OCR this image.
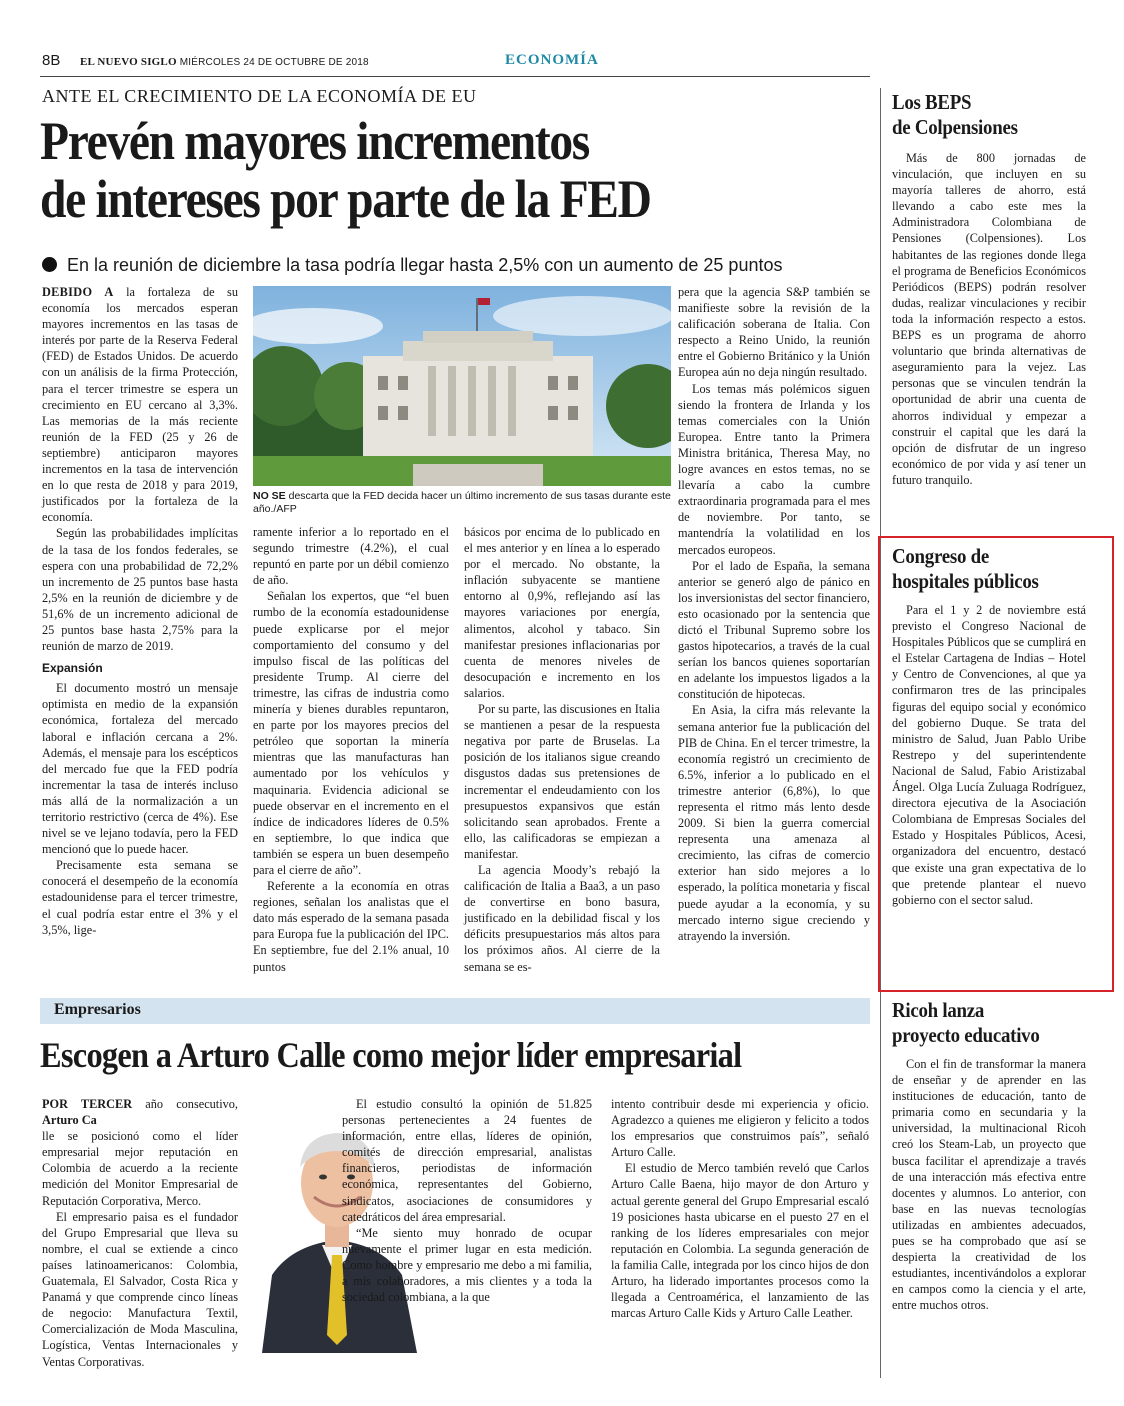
8B EL NUEVO SIGLO MIÉRCOLES 24 DE OCTUBRE DE 2018	ECONOMÍA
ANTE EL CRECIMIENTO DE LA ECONOMÍA DE EU
Prevén mayores incrementos
de intereses por parte de la FED
En la reunión de diciembre la tasa podría llegar hasta 2,5% con un aumento de 25 puntos

DEBIDO A la fortaleza de su economía los mercados esperan mayores incrementos en las tasas de interés por parte de la Reserva Federal (FED) de Estados Unidos. De acuerdo con un análisis de la firma Protección, para el tercer trimestre se espera un crecimiento en EU cercano al 3,3%. Las memorias de la más reciente reunión de la FED (25 y 26 de septiembre) anticiparon mayores incrementos en la tasa de intervención en lo que resta de 2018 y para 2019, justificados por la fortaleza de la economía.

Según las probabilidades implícitas de la tasa de los fondos federales, se espera con una probabilidad de 72,2% un incremento de 25 puntos base hasta 2,5% en la reunión de diciembre y de 51,6% de un incremento adicional de 25 puntos base hasta 2,75% para la reunión de marzo de 2019.

Expansión

El documento mostró un mensaje optimista en medio de la expansión económica, fortaleza del mercado laboral e inflación cercana a 2%. Además, el mensaje para los escépticos del mercado fue que la FED podría incrementar la tasa de interés incluso más allá de la normalización a un territorio restrictivo (cerca de 4%). Ese nivel se ve lejano todavía, pero la FED mencionó que lo puede hacer.

Precisamente esta semana se conocerá el desempeño de la economía estadounidense para el tercer trimestre, el cual podría estar entre el 3% y el 3,5%, lige-

NO SE descarta que la FED decida hacer un último incremento de sus tasas durante este año./AFP

ramente inferior a lo reportado en el segundo trimestre (4.2%), el cual repuntó en parte por un débil comienzo de año.

Señalan los expertos, que “el buen rumbo de la economía estadounidense puede explicarse por el mejor comportamiento del consumo y del impulso fiscal de las políticas del presidente Trump. Al cierre del trimestre, las cifras de industria como minería y bienes durables repuntaron, en parte por los mayores precios del petróleo que soportan la minería mientras que las manufacturas han aumentado por los vehículos y maquinaria. Evidencia adicional se puede observar en el incremento en el índice de indicadores líderes de 0.5% en septiembre, lo que indica que también se espera un buen desempeño para el cierre de año”.

Referente a la economía en otras regiones, señalan los analistas que el dato más esperado de la semana pasada para Europa fue la publicación del IPC. En septiembre, fue del 2.1% anual, 10 puntos

básicos por encima de lo publicado en el mes anterior y en línea a lo esperado por el mercado. No obstante, la inflación subyacente se mantiene entorno al 0,9%, reflejando así las mayores variaciones por energía, alimentos, alcohol y tabaco. Sin manifestar presiones inflacionarias por cuenta de menores niveles de desocupación e incremento en los salarios.

Por su parte, las discusiones en Italia se mantienen a pesar de la respuesta negativa por parte de Bruselas. La posición de los italianos sigue creando disgustos dadas sus pretensiones de incrementar el endeudamiento con los presupuestos expansivos que están solicitando sean aprobados. Frente a ello, las calificadoras se empiezan a manifestar.

La agencia Moody’s rebajó la calificación de Italia a Baa3, a un paso de convertirse en bono basura, justificado en la debilidad fiscal y los déficits presupuestarios más altos para los próximos años. Al cierre de la semana se es-

pera que la agencia S&P también se manifieste sobre la revisión de la calificación soberana de Italia. Con respecto a Reino Unido, la reunión entre el Gobierno Británico y la Unión Europea aún no deja ningún resultado.

Los temas más polémicos siguen siendo la frontera de Irlanda y los temas comerciales con la Unión Europea. Entre tanto la Primera Ministra británica, Theresa May, no logre avances en estos temas, no se llevaría a cabo la cumbre extraordinaria programada para el mes de noviembre. Por tanto, se mantendría la volatilidad en los mercados europeos.

Por el lado de España, la semana anterior se generó algo de pánico en los inversionistas del sector financiero, esto ocasionado por la sentencia que dictó el Tribunal Supremo sobre los gastos hipotecarios, a través de la cual serían los bancos quienes soportarían en adelante los impuestos ligados a la constitución de hipotecas.

En Asia, la cifra más relevante la semana anterior fue la publicación del PIB de China. En el tercer trimestre, la economía registró un crecimiento de 6.5%, inferior a lo publicado en el trimestre anterior (6,8%), lo que representa el ritmo más lento desde 2009. Si bien la guerra comercial representa una amenaza al crecimiento, las cifras de comercio exterior han sido mejores a lo esperado, la política monetaria y fiscal puede ayudar a la economía, y su mercado interno sigue creciendo y atrayendo la inversión.

Los BEPS
de Colpensiones

Más de 800 jornadas de vinculación, que incluyen en su mayoría talleres de ahorro, está llevando a cabo este mes la Administradora Colombiana de Pensiones (Colpensiones). Los habitantes de las regiones donde llega el programa de Beneficios Económicos Periódicos (BEPS) podrán resolver dudas, realizar vinculaciones y recibir toda la información respecto a estos. BEPS es un programa de ahorro voluntario que brinda alternativas de aseguramiento para la vejez. Las personas que se vinculen tendrán la oportunidad de abrir una cuenta de ahorros individual y empezar a construir el capital que les dará la opción de disfrutar de un ingreso económico de por vida y así tener un futuro tranquilo.

Congreso de
hospitales públicos

Para el 1 y 2 de noviembre está previsto el Congreso Nacional de Hospitales Públicos que se cumplirá en el Estelar Cartagena de Indias – Hotel y Centro de Convenciones, al que ya confirmaron tres de las principales figuras del equipo social y económico del gobierno Duque. Se trata del ministro de Salud, Juan Pablo Uribe Restrepo y del superintendente Nacional de Salud, Fabio Aristizabal Ángel. Olga Lucía Zuluaga Rodríguez, directora ejecutiva de la Asociación Colombiana de Empresas Sociales del Estado y Hospitales Públicos, Acesi, organizadora del encuentro, destacó que existe una gran expectativa de lo que pretende plantear el nuevo gobierno con el sector salud.

Ricoh lanza
proyecto educativo

Con el fin de transformar la manera de enseñar y de aprender en las instituciones de educación, tanto de primaria como en secundaria y la universidad, la multinacional Ricoh creó los Steam-Lab, un proyecto que busca facilitar el aprendizaje a través de una interacción más efectiva entre docentes y alumnos. Lo anterior, con base en las nuevas tecnologías utilizadas en ambientes adecuados, pues se ha comprobado que así se despierta la creatividad de los estudiantes, incentivándolos a explorar en campos como la ciencia y el arte, entre muchos otros.

Empresarios
Escogen a Arturo Calle como mejor líder empresarial

POR TERCER año consecutivo, Arturo Ca

lle se posicionó como el líder empresarial mejor reputación en Colombia de acuerdo a la reciente medición del Monitor Empresarial de Reputación Corporativa, Merco.

El empresario paisa es el fundador del Grupo Empresarial que lleva su nombre, el cual se extiende a cinco países latinoamericanos: Colombia, Guatemala, El Salvador, Costa Rica y Panamá y que comprende cinco líneas de negocio: Manufactura Textil, Comercialización de Moda Masculina, Logística, Ventas Internacionales y Ventas Corporativas.

El estudio consultó la opinión de 51.825 personas pertenecientes a 24 fuentes de información, entre ellas, líderes de opinión, comités de dirección empresarial, analistas financieros, periodistas de información económica, representantes del Gobierno, sindicatos, asociaciones de consumidores y catedráticos del área empresarial.

“Me siento muy honrado de ocupar nuevamente el primer lugar en esta medición. Como hombre y empresario me debo a mi familia, a mis colaboradores, a mis clientes y a toda la sociedad colombiana, a la que

intento contribuir desde mi experiencia y oficio. Agradezco a quienes me eligieron y felicito a todos los empresarios que construimos país”, señaló Arturo Calle.

El estudio de Merco también reveló que Carlos Arturo Calle Baena, hijo mayor de don Arturo y actual gerente general del Grupo Empresarial escaló 19 posiciones hasta ubicarse en el puesto 27 en el ranking de los líderes empresariales con mejor reputación en Colombia. La segunda generación de la familia Calle, integrada por los cinco hijos de don Arturo, ha liderado importantes procesos como la llegada a Centroamérica, el lanzamiento de las marcas Arturo Calle Kids y Arturo Calle Leather.
